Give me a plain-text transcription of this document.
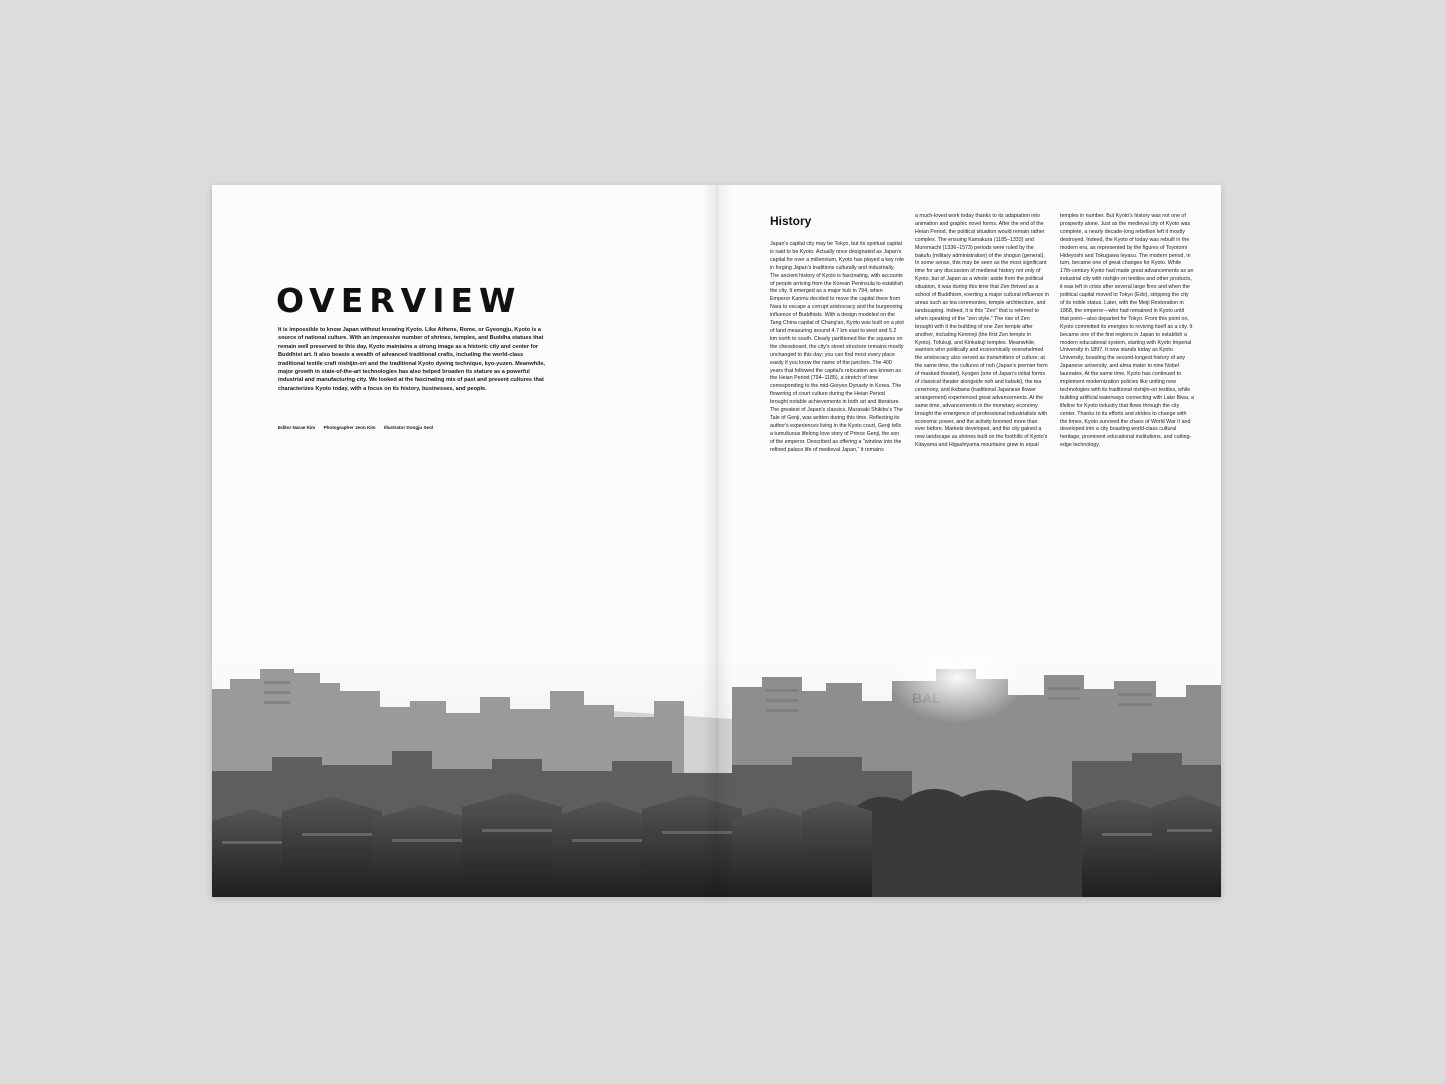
OVERVIEW

It is impossible to know Japan without knowing Kyoto. Like Athens, Rome, or Gyeongju, Kyoto is a source of national culture. With an impressive number of shrines, temples, and Buddha statues that remain well preserved to this day, Kyoto maintains a strong image as a historic city and center for Buddhist art. It also boasts a wealth of advanced traditional crafts, including the world-class traditional textile craft nishijin-ori and the traditional Kyoto dyeing technique, kyo-yuzen. Meanwhile, major growth in state-of-the-art technologies has also helped broaden its stature as a powerful industrial and manufacturing city. We looked at the fascinating mix of past and present cultures that characterizes Kyoto today, with a focus on its history, businesses, and people.

Editor Narae Kim Photographer Jeon Kim Illustrator Dongju Seol
History

Japan's capital city may be Tokyo, but its spiritual capital is said to be Kyoto. Actually once designated as Japan's capital for over a millennium, Kyoto has played a key role in forging Japan's traditions culturally and industrially. The ancient history of Kyoto is fascinating, with accounts of people arriving from the Korean Peninsula to establish the city. It emerged as a major hub in 794, when Emperor Kanmu decided to move the capital there from Nara to escape a corrupt aristocracy and the burgeoning influence of Buddhists. With a design modeled on the Tang China capital of Chang'an, Kyoto was built on a plot of land measuring around 4.7 km east to west and 5.2 km north to south. Clearly partitioned like the squares on the chessboard, the city's street structure remains mostly unchanged to this day; you can find most every place easily if you know the name of the junction. The 400 years that followed the capital's relocation are known as the Heian Period (794–1185), a stretch of time corresponding to the mid-Goryeo Dynasty in Korea. The flowering of court culture during the Heian Period brought notable achievements in both art and literature. The greatest of Japan's classics, Murasaki Shikibu's The Tale of Genji, was written during this time. Reflecting its author's experiences living in the Kyoto court, Genji tells a tumultuous lifelong love story of Prince Genji, the son of the emperor. Described as offering a "window into the refined palace life of medieval Japan," it remains

a much-loved work today thanks to its adaptation into animation and graphic novel forms. After the end of the Heian Period, the political situation would remain rather complex. The ensuing Kamakura (1185–1333) and Muromachi (1336–1573) periods were ruled by the bakufu (military administration) of the shogun (general). In some sense, this may be seen as the most significant time for any discussion of medieval history not only of Kyoto, but of Japan as a whole: aside from the political situation, it was during this time that Zen thrived as a school of Buddhism, exerting a major cultural influence in areas such as tea ceremonies, temple architecture, and landscaping. Indeed, it is this "Zen" that is referred to when speaking of the "zen style." The rise of Zen brought with it the building of one Zen temple after another, including Kenninji (the first Zen temple in Kyoto), Tofukuji, and Kinkakuji temples. Meanwhile, warriors who politically and economically overwhelmed the aristocracy also served as transmitters of culture; at the same time, the cultures of noh (Japan's premier form of masked theater), kyogen (one of Japan's initial forms of classical theater alongside noh and kabuki), the tea ceremony, and ikebana (traditional Japanese flower arrangement) experienced great advancements. At the same time, advancements in the monetary economy brought the emergence of professional industrialists with economic power, and the activity boomed more than ever before. Markets developed, and the city gained a new landscape as shrines built on the foothills of Kyoto's Kitayama and Higashiyama mountains grew to equal

temples in number. But Kyoto's history was not one of prosperity alone. Just as the medieval city of Kyoto was complete, a nearly decade-long rebellion left it mostly destroyed. Indeed, the Kyoto of today was rebuilt in the modern era, as represented by the figures of Toyotomi Hideyoshi and Tokugawa Ieyasu. The modern period, in turn, became one of great changes for Kyoto. While 17th-century Kyoto had made great advancements as an industrial city with nishijin-ori textiles and other products, it was left in crisis after several large fires and when the political capital moved to Tokyo (Edo), stripping the city of its noble status. Later, with the Meiji Restoration in 1868, the emperor—who had remained in Kyoto until that point—also departed for Tokyo. From this point on, Kyoto committed its energies to reviving itself as a city. It became one of the first regions in Japan to establish a modern educational system, starting with Kyoto Imperial University in 1897. It now stands today as Kyoto University, boasting the second-longest history of any Japanese university, and alma mater to nine Nobel laureates. At the same time, Kyoto has continued to implement modernization policies like uniting new technologies with its traditional nishijin-ori textiles, while building artificial waterways connecting with Lake Biwa, a lifeline for Kyoto industry that flows through the city center. Thanks to its efforts and strides to change with the times, Kyoto survived the chaos of World War II and developed into a city boasting world-class cultural heritage, prominent educational institutions, and cutting-edge technology.
